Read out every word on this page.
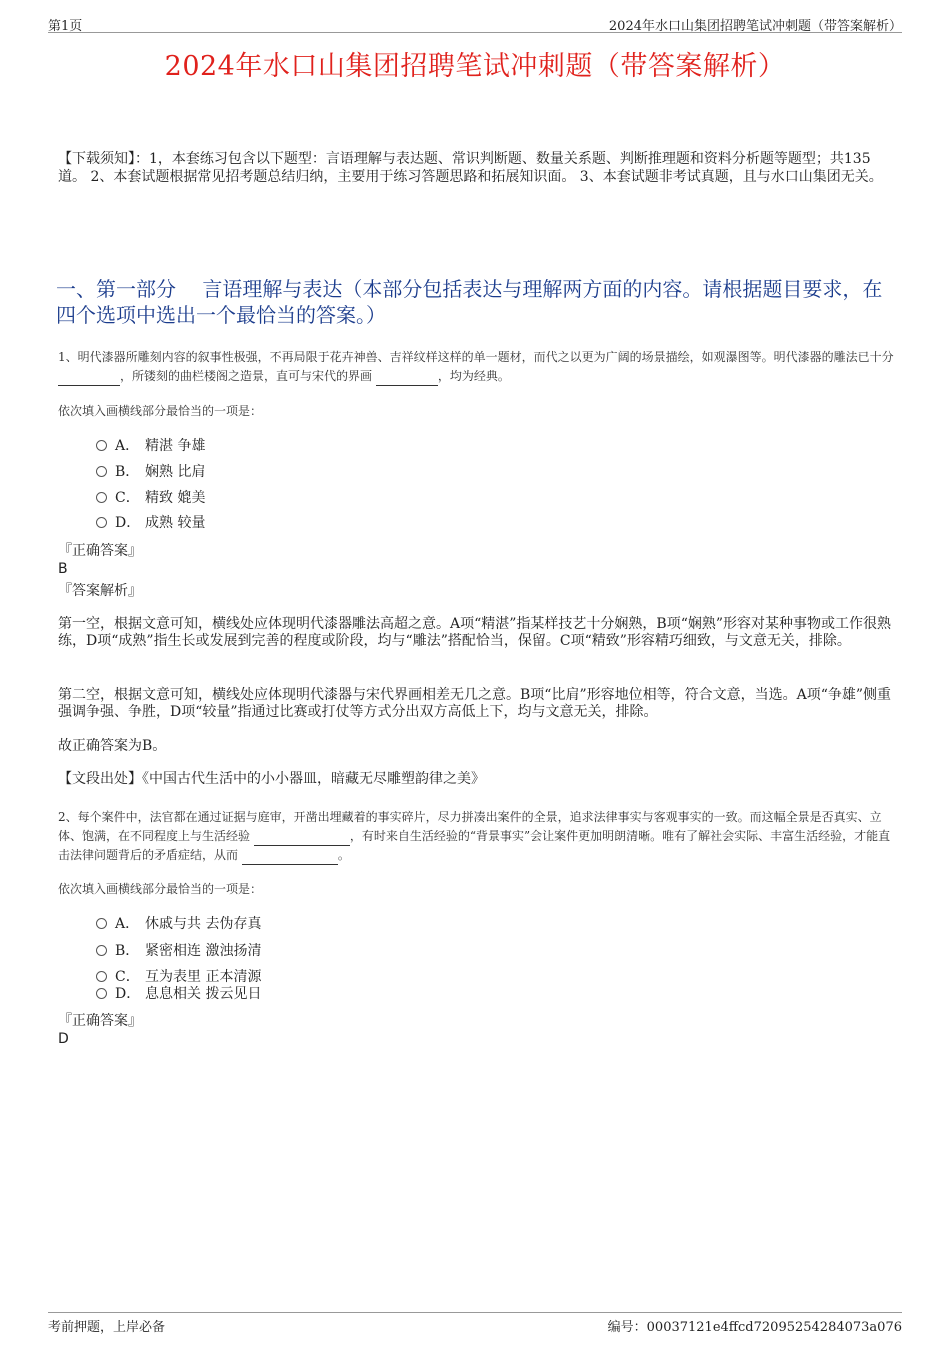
第1页	2024年水口山集团招聘笔试冲刺题（带答案解析）
2024年水口山集团招聘笔试冲刺题（带答案解析）
【下载须知】：1，本套练习包含以下题型：言语理解与表达题、常识判断题、数量关系题、判断推理题和资料分析题等题型；共135道。 2、本套试题根据常见招考题总结归纳，主要用于练习答题思路和拓展知识面。 3、本套试题非考试真题，且与水口山集团无关。
一、第一部分　 言语理解与表达（本部分包括表达与理解两方面的内容。请根据题目要求，在四个选项中选出一个最恰当的答案。）
1、明代漆器所雕刻内容的叙事性极强，不再局限于花卉神兽、吉祥纹样这样的单一题材，而代之以更为广阔的场景描绘，如观瀑图等。明代漆器的雕法已十分 ，所镂刻的曲栏楼阁之造景，直可与宋代的界画	，均为经典。
依次填入画横线部分最恰当的一项是：
A． 精湛 争雄
B． 娴熟 比肩
C． 精致 媲美
D． 成熟 较量
『正确答案』
B
『答案解析』
第一空，根据文意可知，横线处应体现明代漆器雕法高超之意。A项“精湛”指某样技艺十分娴熟，B项“娴熟”形容对某种事物或工作很熟练，D项“成熟”指生长或发展到完善的程度或阶段，均与“雕法”搭配恰当，保留。C项“精致”形容精巧细致，与文意无关，排除。
第二空，根据文意可知，横线处应体现明代漆器与宋代界画相差无几之意。B项“比肩”形容地位相等，符合文意，当选。A项“争雄”侧重强调争强、争胜，D项“较量”指通过比赛或打仗等方式分出双方高低上下，均与文意无关，排除。
故正确答案为B。
【文段出处】《中国古代生活中的小小器皿，暗藏无尽雕塑韵律之美》
2、每个案件中，法官都在通过证据与庭审，开凿出埋藏着的事实碎片，尽力拼凑出案件的全景，追求法律事实与客观事实的一致。而这幅全景是否真实、立体、饱满，在不同程度上与生活经验	，有时来自生活经验的“背景事实”会让案件更加明朗清晰。唯有了解社会实际、丰富生活经验，才能直击法律问题背后的矛盾症结，从而	。
依次填入画横线部分最恰当的一项是：
A． 休戚与共 去伪存真
B． 紧密相连 激浊扬清
C． 互为表里 正本清源
D． 息息相关 拨云见日
『正确答案』
D
考前押题，上岸必备	编号：00037121e4ffcd72095254284073a076
